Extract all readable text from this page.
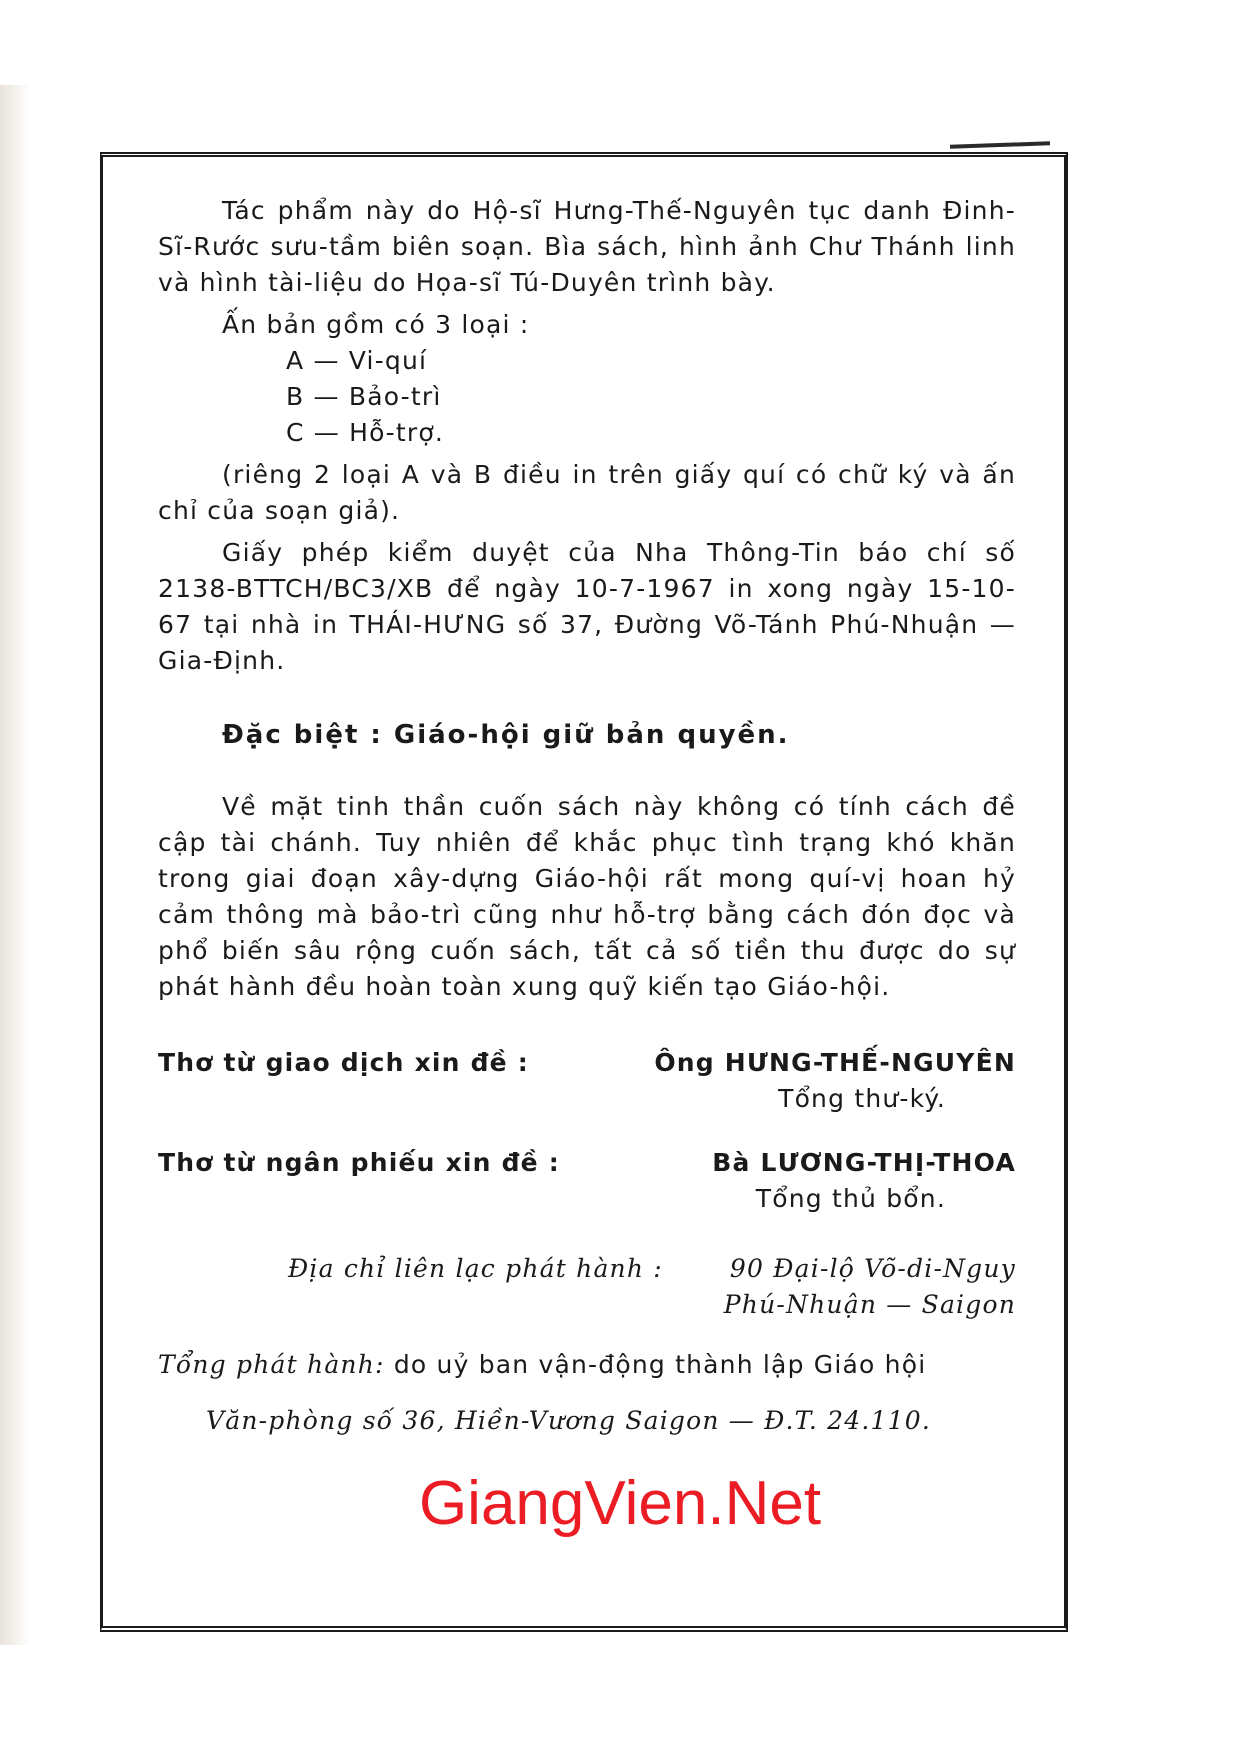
Tác phẩm này do Hộ-sĩ Hưng-Thế-Nguyên tục danh Đinh-Sĩ-Rước sưu-tầm biên soạn. Bìa sách, hình ảnh Chư Thánh linh và hình tài-liệu do Họa-sĩ Tú-Duyên trình bày.

Ấn bản gồm có 3 loại :

A — Vi-quí
B — Bảo-trì
C — Hỗ-trợ.

(riêng 2 loại A và B điều in trên giấy quí có chữ ký và ấn chỉ của soạn giả).

Giấy phép kiểm duyệt của Nha Thông-Tin báo chí số 2138-BTTCH/BC3/XB để ngày 10-7-1967 in xong ngày 15-10-67 tại nhà in THÁI-HƯNG số 37, Đường Võ-Tánh Phú-Nhuận — Gia-Định.

Đặc biệt : Giáo-hội giữ bản quyền.

Về mặt tinh thần cuốn sách này không có tính cách đề cập tài chánh. Tuy nhiên để khắc phục tình trạng khó khăn trong giai đoạn xây-dựng Giáo-hội rất mong quí-vị hoan hỷ cảm thông mà bảo-trì cũng như hỗ-trợ bằng cách đón đọc và phổ biến sâu rộng cuốn sách, tất cả số tiền thu được do sự phát hành đều hoàn toàn xung quỹ kiến tạo Giáo-hội.

Thơ từ giao dịch xin đề :	Ông HƯNG-THẾ-NGUYÊN
Tổng thư-ký.
Thơ từ ngân phiếu xin đề :	Bà LƯƠNG-THỊ-THOA
Tổng thủ bổn.
Địa chỉ liên lạc phát hành :	90 Đại-lộ Võ-di-Nguy
Phú-Nhuận — Saigon
Tổng phát hành: do uỷ ban vận-động thành lập Giáo hội
Văn-phòng số 36, Hiền-Vương Saigon — Đ.T. 24.110.
GiangVien.Net
